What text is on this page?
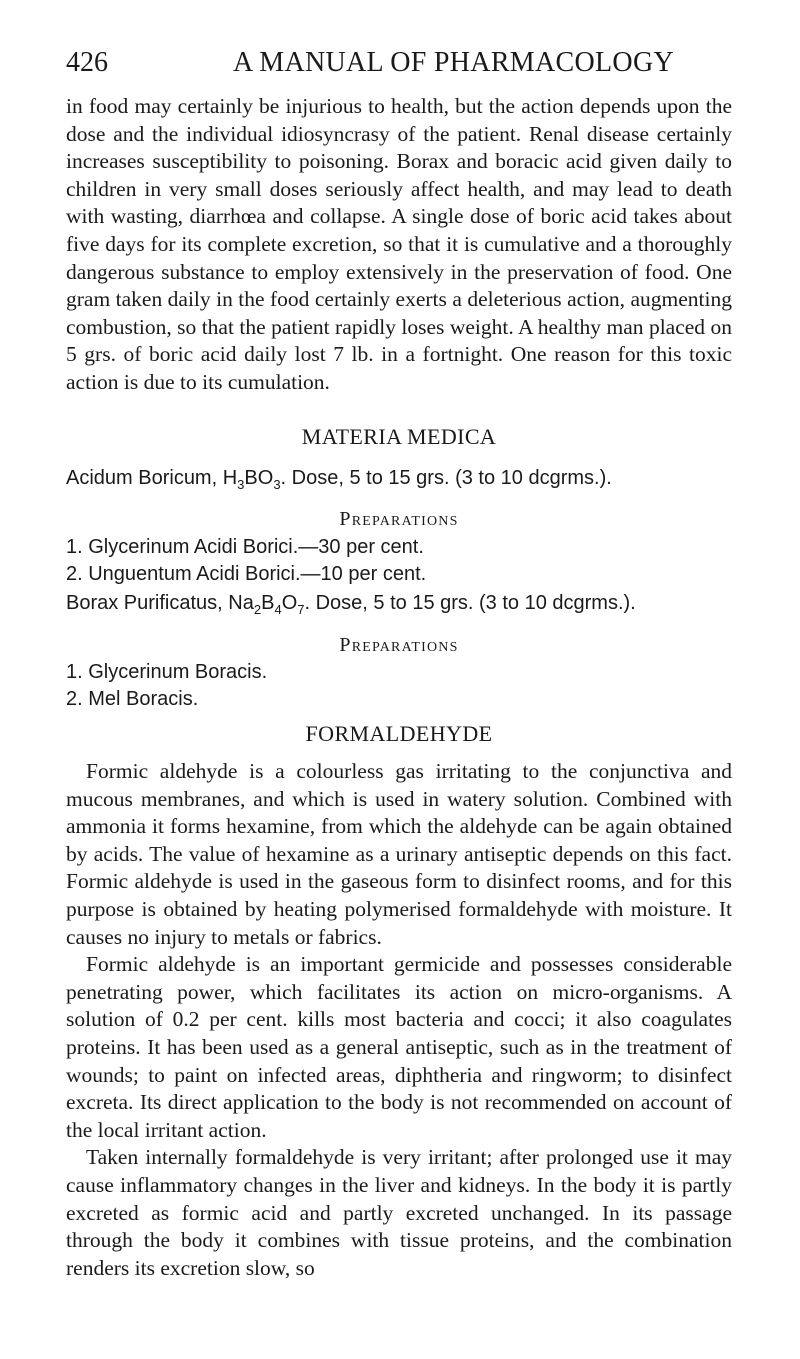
426	A MANUAL OF PHARMACOLOGY

in food may certainly be injurious to health, but the action depends upon the dose and the individual idiosyncrasy of the patient. Renal disease certainly increases susceptibility to poisoning. Borax and boracic acid given daily to children in very small doses seriously affect health, and may lead to death with wasting, diarrhœa and collapse. A single dose of boric acid takes about five days for its complete excretion, so that it is cumulative and a thoroughly dangerous substance to employ extensively in the preservation of food. One gram taken daily in the food certainly exerts a deleterious action, augmenting combustion, so that the patient rapidly loses weight. A healthy man placed on 5 grs. of boric acid daily lost 7 lb. in a fortnight. One reason for this toxic action is due to its cumulation.

MATERIA MEDICA

Acidum Boricum, $H_3BO_3$. Dose, 5 to 15 grs. (3 to 10 dcgrms.).

Preparations

1. Glycerinum Acidi Borici.—30 per cent.

2. Unguentum Acidi Borici.—10 per cent.

Borax Purificatus, $Na_2B_4O_7$. Dose, 5 to 15 grs. (3 to 10 dcgrms.).

Preparations

1. Glycerinum Boracis.

2. Mel Boracis.

FORMALDEHYDE

Formic aldehyde is a colourless gas irritating to the conjunctiva and mucous membranes, and which is used in watery solution. Combined with ammonia it forms hexamine, from which the aldehyde can be again obtained by acids. The value of hexamine as a urinary antiseptic depends on this fact. Formic aldehyde is used in the gaseous form to disinfect rooms, and for this purpose is obtained by heating polymerised formaldehyde with moisture. It causes no injury to metals or fabrics.

Formic aldehyde is an important germicide and possesses considerable penetrating power, which facilitates its action on micro-organisms. A solution of 0.2 per cent. kills most bacteria and cocci; it also coagulates proteins. It has been used as a general antiseptic, such as in the treatment of wounds; to paint on infected areas, diphtheria and ringworm; to disinfect excreta. Its direct application to the body is not recommended on account of the local irritant action.

Taken internally formaldehyde is very irritant; after prolonged use it may cause inflammatory changes in the liver and kidneys. In the body it is partly excreted as formic acid and partly excreted unchanged. In its passage through the body it combines with tissue proteins, and the combination renders its excretion slow, so
